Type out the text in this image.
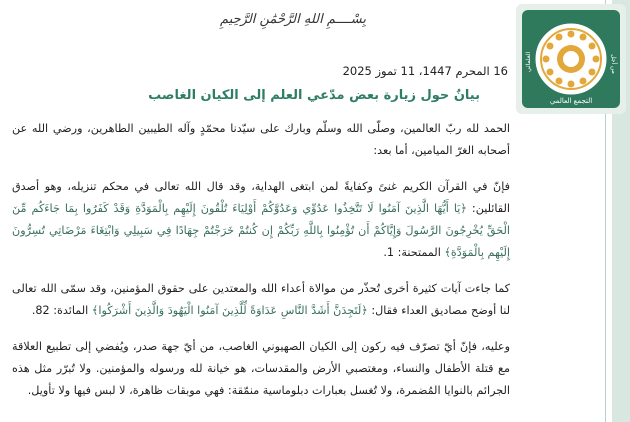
التجمع العالمي
من أجل
العلمائي
بِسْــــمِ اللهِ الرَّحْمَٰنِ الرَّحِيمِ
16 المحرم 1447، 11 تموز 2025
بيانٌ حول زيارة بعض مدّعي العلم إلى الكيان الغاصب

الحمد لله ربّ العالمين، وصلّى الله وسلّم وبارك على سيّدنا محمّدٍ وآله الطيبين الطاهرين، ورضي الله عن أصحابه الغرّ الميامين، أما بعد:

فإنّ في القرآن الكريم غنىً وكفايةً لمن ابتغى الهداية، وقد قال الله تعالى في محكم تنزيله، وهو أصدق القائلين: ﴿يَا أَيُّهَا الَّذِينَ آمَنُوا لَا تَتَّخِذُوا عَدُوِّي وَعَدُوَّكُمْ أَوْلِيَاءَ تُلْقُونَ إِلَيْهِم بِالْمَوَدَّةِ وَقَدْ كَفَرُوا بِمَا جَاءَكُم مِّنَ الْحَقِّ يُخْرِجُونَ الرَّسُولَ وَإِيَّاكُمْ أَن تُؤْمِنُوا بِاللَّهِ رَبِّكُمْ إِن كُنتُمْ خَرَجْتُمْ جِهَادًا فِي سَبِيلِي وَابْتِغَاءَ مَرْضَاتِي تُسِرُّونَ إِلَيْهِم بِالْمَوَدَّةِ﴾ الممتحنة: 1.

كما جاءت آيات كثيرة أخرى تُحذّر من موالاة أعداء الله والمعتدين على حقوق المؤمنين، وقد سمّى الله تعالى لنا أوضح مصاديق العداء فقال: ﴿لَتَجِدَنَّ أَشَدَّ النَّاسِ عَدَاوَةً لِّلَّذِينَ آمَنُوا الْيَهُودَ وَالَّذِينَ أَشْرَكُوا﴾ المائدة: 82.

وعليه، فإنّ أيّ تصرّف فيه ركون إلى الكيان الصهيوني الغاصب، من أيّ جهة صدر، ويُفضي إلى تطبيع العلاقة مع قتلة الأطفال والنساء، ومغتصبي الأرض والمقدسات، هو خيانة لله ورسوله والمؤمنين. ولا تُبرّر مثل هذه الجرائم بالنوايا المُضمرة، ولا تُغسل بعبارات دبلوماسية منمّقة: فهي موبقات ظاهرة، لا لبس فيها ولا تأويل.
